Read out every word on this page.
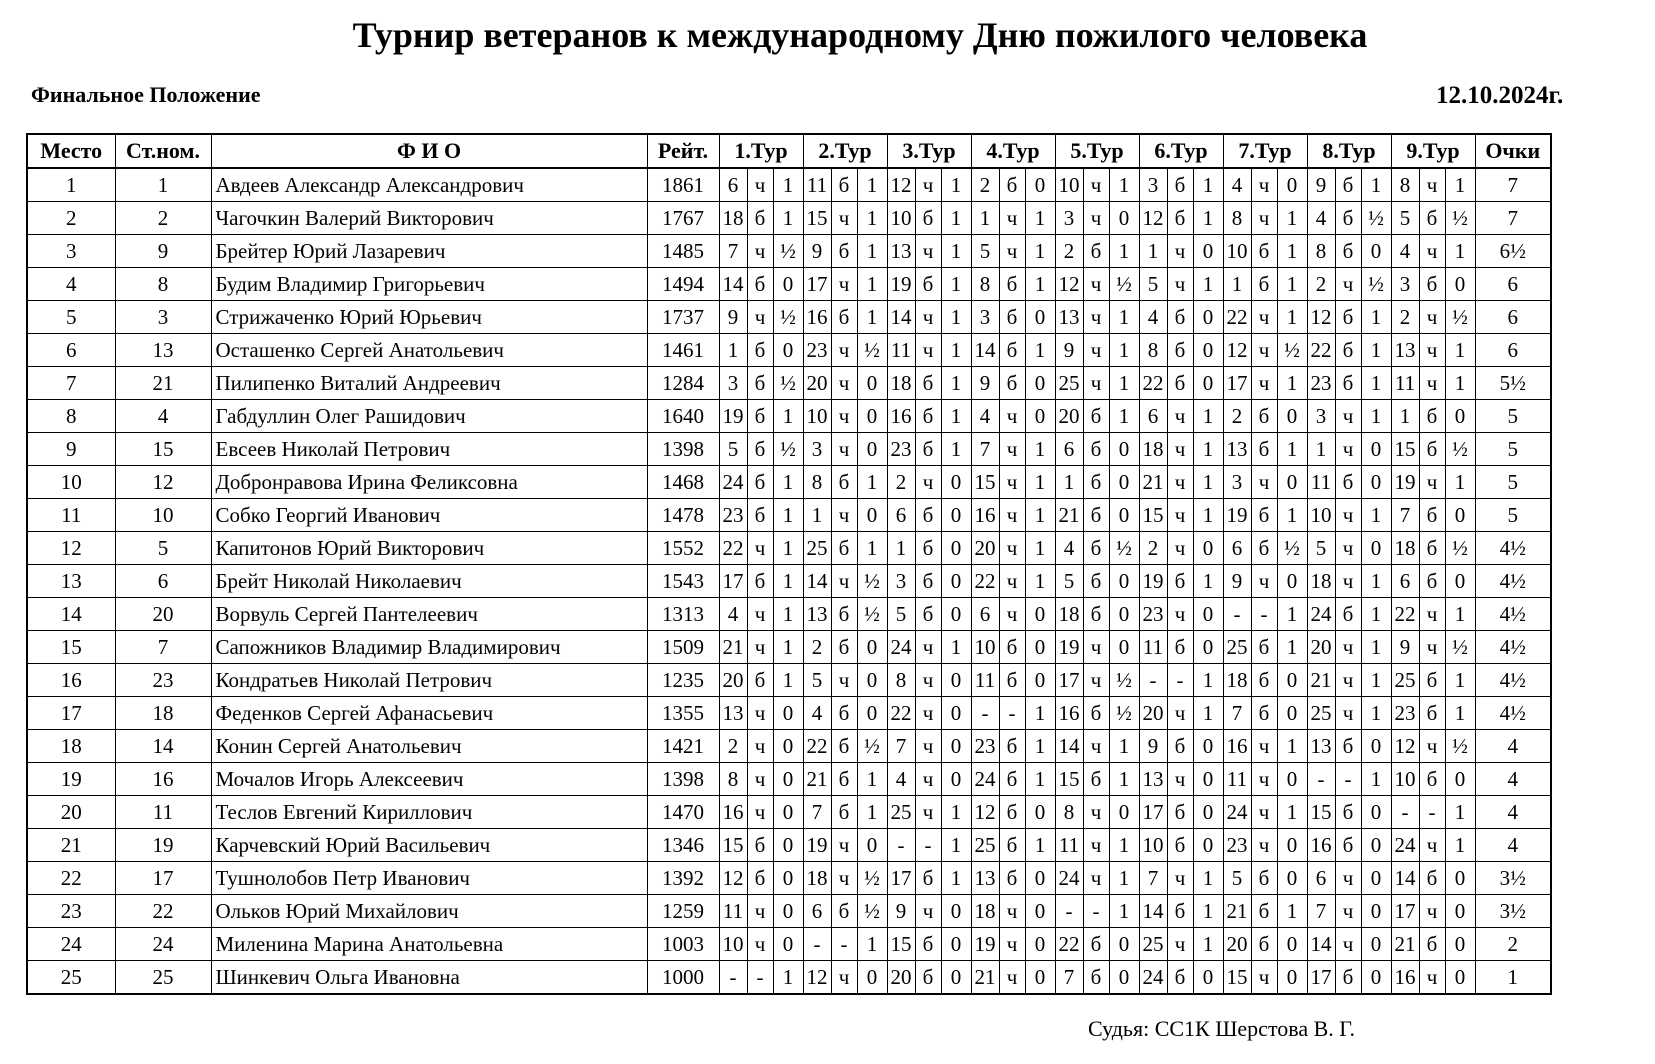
Турнир ветеранов к международному Дню пожилого человека
Финальное Положение	12.10.2024г.
Место	Ст.ном.	Ф И О	Рейт.	1.Тур			2.Тур			3.Тур			4.Тур			5.Тур			6.Тур			7.Тур			8.Тур			9.Тур			Очки
1	1	Авдеев Александр Александрович	1861	6	ч	1	11	б	1	12	ч	1	2	б	0	10	ч	1	3	б	1	4	ч	0	9	б	1	8	ч	1	7
2	2	Чагочкин Валерий Викторович	1767	18	б	1	15	ч	1	10	б	1	1	ч	1	3	ч	0	12	б	1	8	ч	1	4	б	½	5	б	½	7
3	9	Брейтер Юрий Лазаревич	1485	7	ч	½	9	б	1	13	ч	1	5	ч	1	2	б	1	1	ч	0	10	б	1	8	б	0	4	ч	1	6½
4	8	Будим Владимир Григорьевич	1494	14	б	0	17	ч	1	19	б	1	8	б	1	12	ч	½	5	ч	1	1	б	1	2	ч	½	3	б	0	6
5	3	Стрижаченко Юрий Юрьевич	1737	9	ч	½	16	б	1	14	ч	1	3	б	0	13	ч	1	4	б	0	22	ч	1	12	б	1	2	ч	½	6
6	13	Осташенко Сергей Анатольевич	1461	1	б	0	23	ч	½	11	ч	1	14	б	1	9	ч	1	8	б	0	12	ч	½	22	б	1	13	ч	1	6
7	21	Пилипенко Виталий Андреевич	1284	3	б	½	20	ч	0	18	б	1	9	б	0	25	ч	1	22	б	0	17	ч	1	23	б	1	11	ч	1	5½
8	4	Габдуллин Олег Рашидович	1640	19	б	1	10	ч	0	16	б	1	4	ч	0	20	б	1	6	ч	1	2	б	0	3	ч	1	1	б	0	5
9	15	Евсеев Николай Петрович	1398	5	б	½	3	ч	0	23	б	1	7	ч	1	6	б	0	18	ч	1	13	б	1	1	ч	0	15	б	½	5
10	12	Добронравова Ирина Феликсовна	1468	24	б	1	8	б	1	2	ч	0	15	ч	1	1	б	0	21	ч	1	3	ч	0	11	б	0	19	ч	1	5
11	10	Собко Георгий Иванович	1478	23	б	1	1	ч	0	6	б	0	16	ч	1	21	б	0	15	ч	1	19	б	1	10	ч	1	7	б	0	5
12	5	Капитонов Юрий Викторович	1552	22	ч	1	25	б	1	1	б	0	20	ч	1	4	б	½	2	ч	0	6	б	½	5	ч	0	18	б	½	4½
13	6	Брейт Николай Николаевич	1543	17	б	1	14	ч	½	3	б	0	22	ч	1	5	б	0	19	б	1	9	ч	0	18	ч	1	6	б	0	4½
14	20	Ворвуль Сергей Пантелеевич	1313	4	ч	1	13	б	½	5	б	0	6	ч	0	18	б	0	23	ч	0	-	-	1	24	б	1	22	ч	1	4½
15	7	Сапожников Владимир Владимирович	1509	21	ч	1	2	б	0	24	ч	1	10	б	0	19	ч	0	11	б	0	25	б	1	20	ч	1	9	ч	½	4½
16	23	Кондратьев Николай Петрович	1235	20	б	1	5	ч	0	8	ч	0	11	б	0	17	ч	½	-	-	1	18	б	0	21	ч	1	25	б	1	4½
17	18	Феденков Сергей Афанасьевич	1355	13	ч	0	4	б	0	22	ч	0	-	-	1	16	б	½	20	ч	1	7	б	0	25	ч	1	23	б	1	4½
18	14	Конин Сергей Анатольевич	1421	2	ч	0	22	б	½	7	ч	0	23	б	1	14	ч	1	9	б	0	16	ч	1	13	б	0	12	ч	½	4
19	16	Мочалов Игорь Алексеевич	1398	8	ч	0	21	б	1	4	ч	0	24	б	1	15	б	1	13	ч	0	11	ч	0	-	-	1	10	б	0	4
20	11	Теслов Евгений Кириллович	1470	16	ч	0	7	б	1	25	ч	1	12	б	0	8	ч	0	17	б	0	24	ч	1	15	б	0	-	-	1	4
21	19	Карчевский Юрий Васильевич	1346	15	б	0	19	ч	0	-	-	1	25	б	1	11	ч	1	10	б	0	23	ч	0	16	б	0	24	ч	1	4
22	17	Тушнолобов Петр Иванович	1392	12	б	0	18	ч	½	17	б	1	13	б	0	24	ч	1	7	ч	1	5	б	0	6	ч	0	14	б	0	3½
23	22	Ольков Юрий Михайлович	1259	11	ч	0	6	б	½	9	ч	0	18	ч	0	-	-	1	14	б	1	21	б	1	7	ч	0	17	ч	0	3½
24	24	Миленина Марина Анатольевна	1003	10	ч	0	-	-	1	15	б	0	19	ч	0	22	б	0	25	ч	1	20	б	0	14	ч	0	21	б	0	2
25	25	Шинкевич Ольга Ивановна	1000	-	-	1	12	ч	0	20	б	0	21	ч	0	7	б	0	24	б	0	15	ч	0	17	б	0	16	ч	0	1
Судья: СС1К Шерстова В. Г.
